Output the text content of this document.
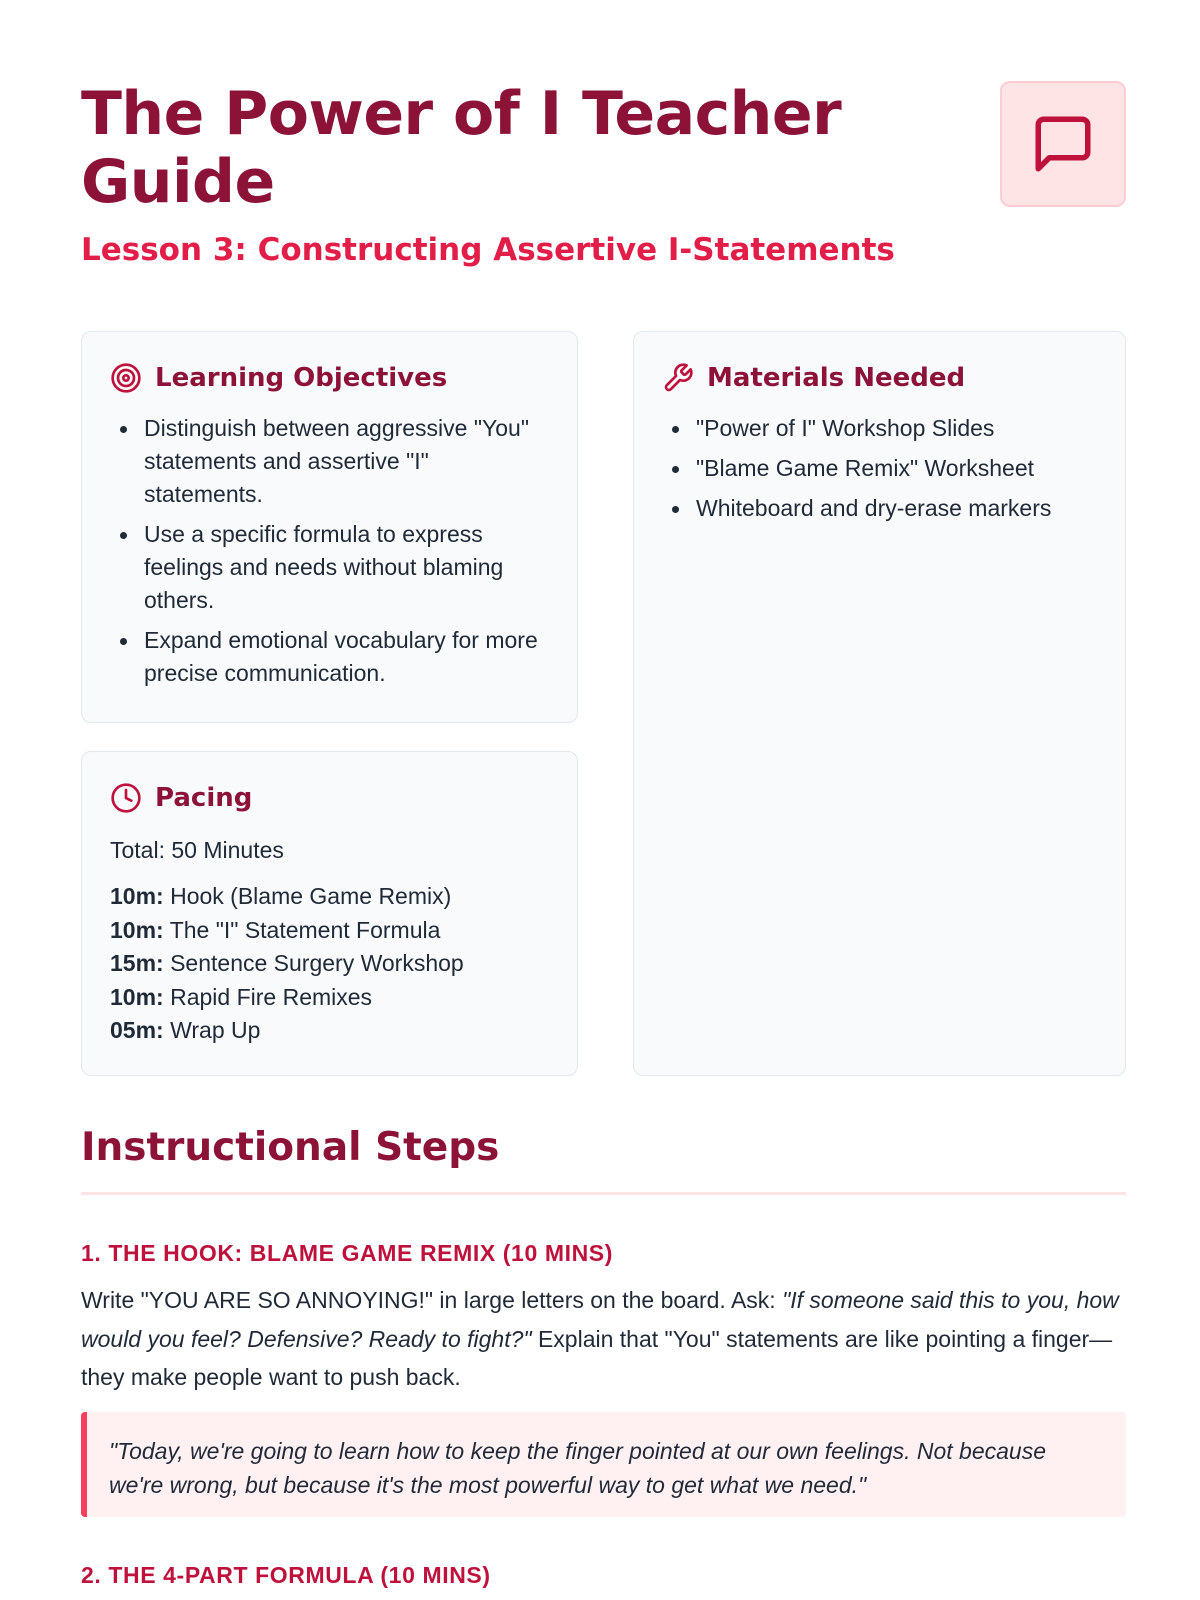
The Power of I Teacher Guide
Lesson 3: Constructing Assertive I-Statements
Learning Objectives
Distinguish between aggressive "You" statements and assertive "I" statements.
Use a specific formula to express feelings and needs without blaming others.
Expand emotional vocabulary for more precise communication.
Pacing
Total: 50 Minutes
10m: Hook (Blame Game Remix)
10m: The "I" Statement Formula
15m: Sentence Surgery Workshop
10m: Rapid Fire Remixes
05m: Wrap Up
Materials Needed
"Power of I" Workshop Slides
"Blame Game Remix" Worksheet
Whiteboard and dry-erase markers
Instructional Steps
1. THE HOOK: BLAME GAME REMIX (10 MINS)
Write "YOU ARE SO ANNOYING!" in large letters on the board. Ask: "If someone said this to you, how would you feel? Defensive? Ready to fight?" Explain that "You" statements are like pointing a finger—they make people want to push back.
"Today, we're going to learn how to keep the finger pointed at our own feelings. Not because we're wrong, but because it's the most powerful way to get what we need."
2. THE 4-PART FORMULA (10 MINS)
